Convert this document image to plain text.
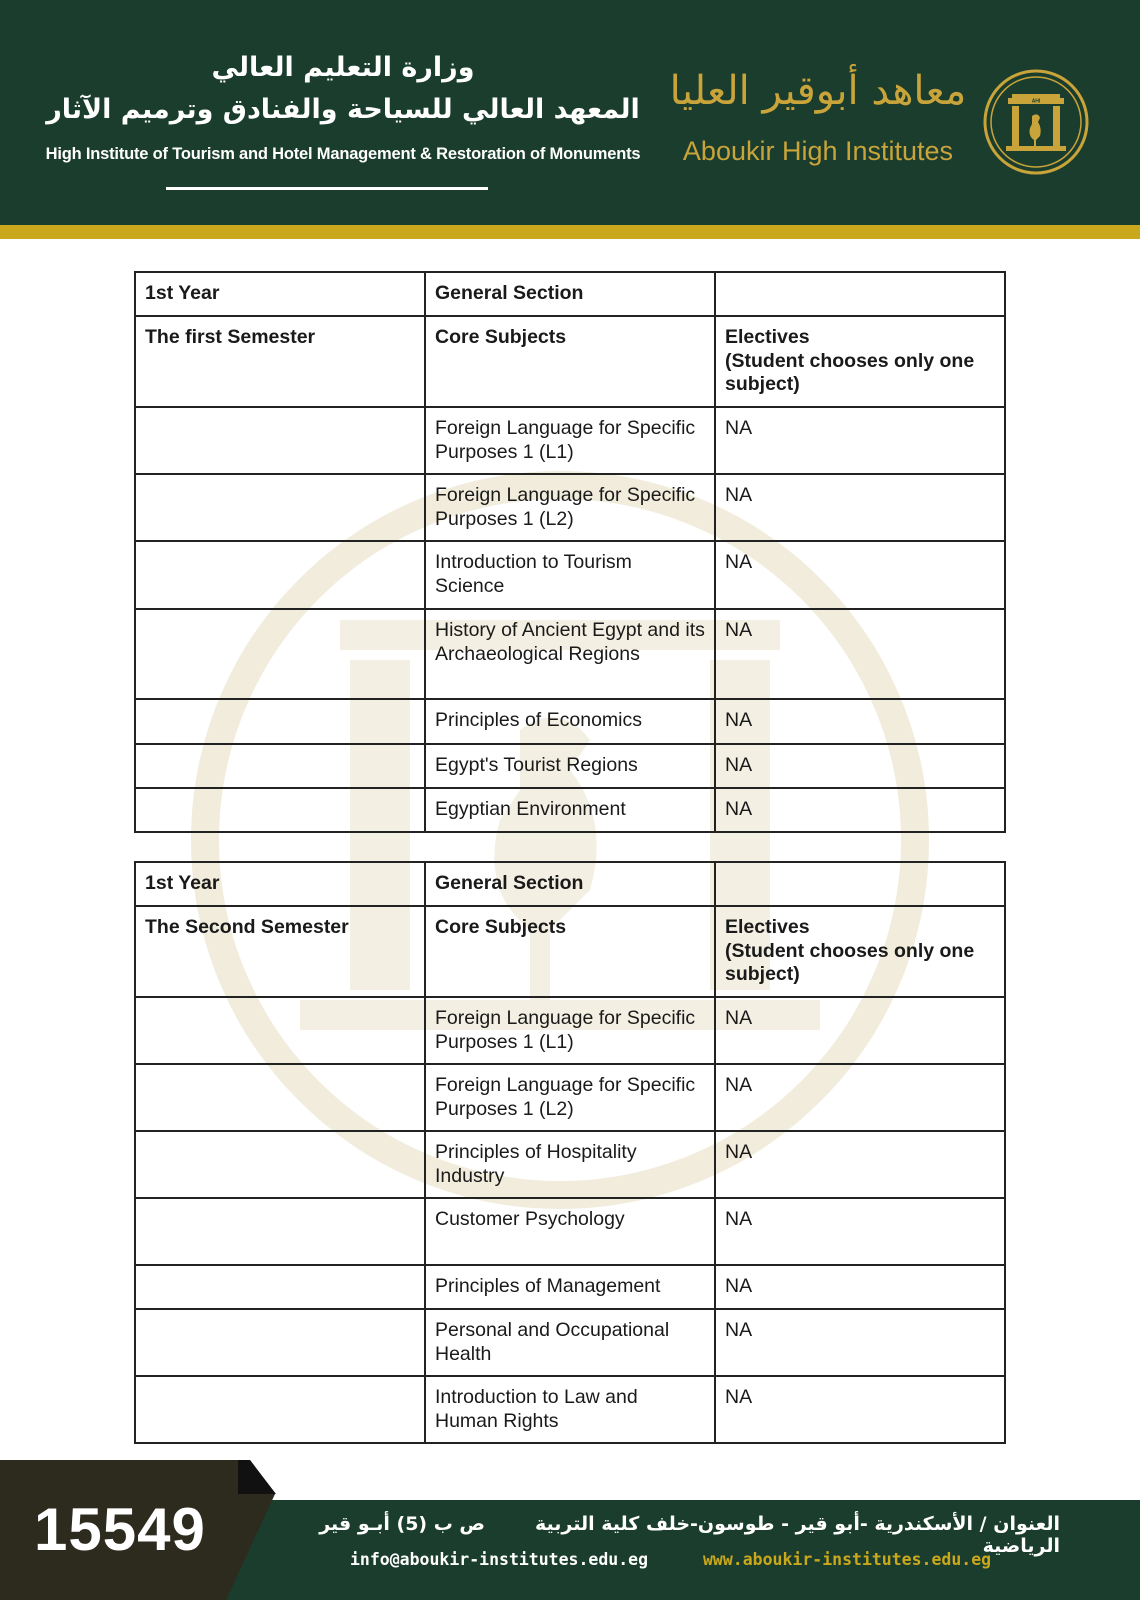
وزارة التعليم العالي
المعهد العالي للسياحة والفنادق وترميم الآثار
High Institute of Tourism and Hotel Management & Restoration of Monuments
معاهد أبوقير العليا
Aboukir High Institutes
AHI
1st Year	General Section	
The first Semester	Core Subjects	Electives
(Student chooses only one subject)
	Foreign Language for Specific Purposes 1 (L1)	NA
	Foreign Language for Specific Purposes 1 (L2)	NA
	Introduction to Tourism Science	NA
	History of Ancient Egypt and its Archaeological Regions	NA
	Principles of Economics	NA
	Egypt's Tourist Regions	NA
	Egyptian Environment	NA
1st Year	General Section	
The Second Semester	Core Subjects	Electives
(Student chooses only one subject)
	Foreign Language for Specific Purposes 1 (L1)	NA
	Foreign Language for Specific Purposes 1 (L2)	NA
	Principles of Hospitality Industry	NA
	Customer Psychology	NA
	Principles of Management	NA
	Personal and Occupational Health	NA
	Introduction to Law and Human Rights	NA
15549	العنوان / الأسكندرية -أبو قير - طوسون-خلف كلية التربية الرياضية
ص ب (5) أبـو قير
info@aboukir-institutes.edu.eg	www.aboukir-institutes.edu.eg
